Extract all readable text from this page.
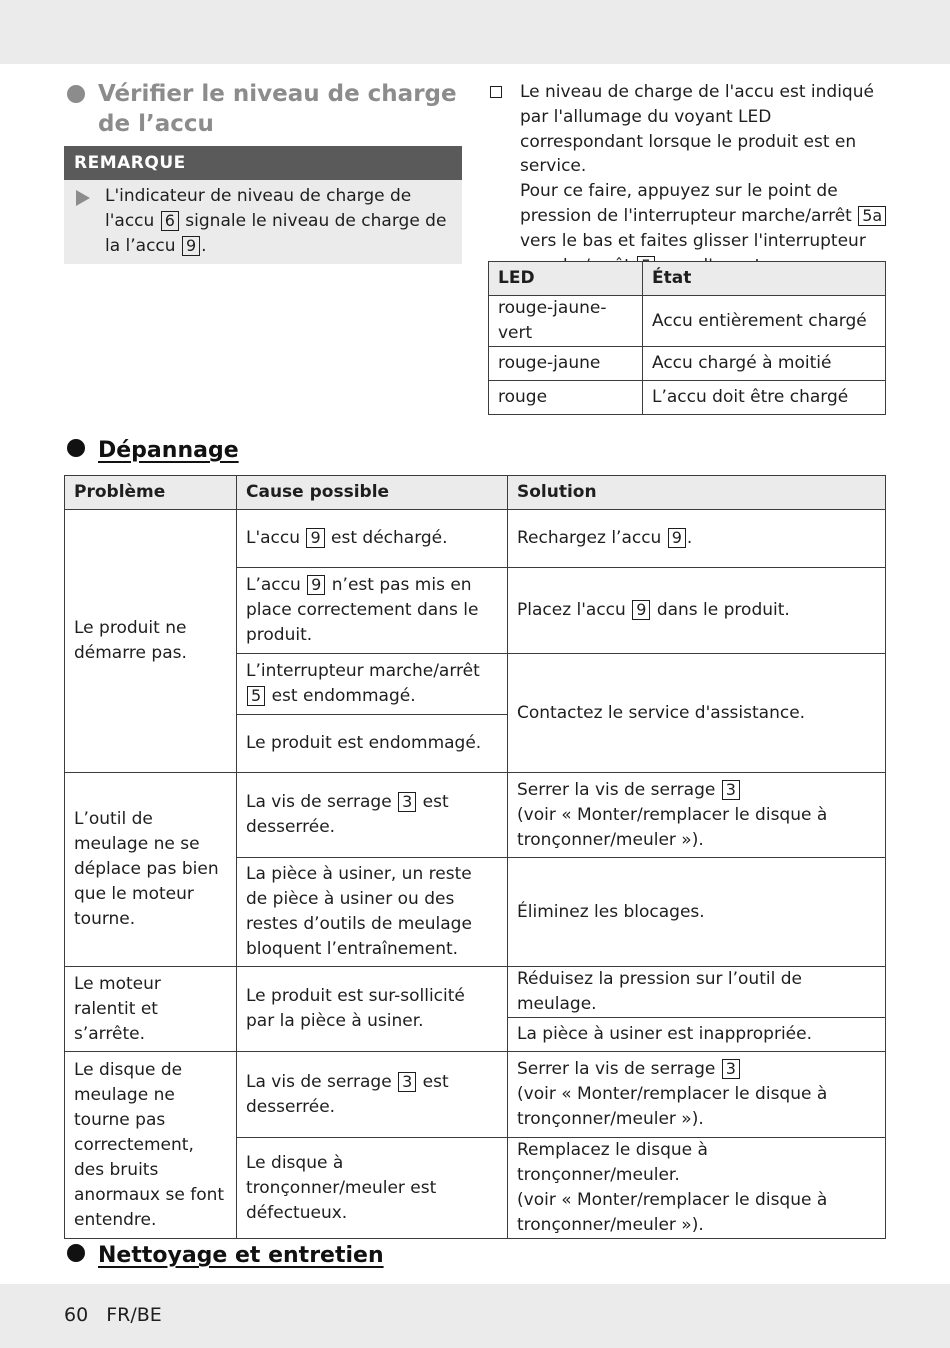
Vérifier le niveau de charge de l’accu
REMARQUE
L'indicateur de niveau de charge de l'accu 6 signale le niveau de charge de la l’accu 9 .
Le niveau de charge de l'accu est indiqué par l'allumage du voyant LED correspondant lorsque le produit est en service.
Pour ce faire, appuyez sur le point de pression de l'interrupteur marche/arrêt 5a vers le bas et faites glisser l'interrupteur
LED	État
rouge-jaune-vert	Accu entièrement chargé
rouge-jaune	Accu chargé à moitié
rouge	L’accu doit être chargé
Dépannage
Problème	Cause possible	Solution
Le produit ne démarre pas.	L'accu 9 est déchargé.	Rechargez l’accu 9 .
	L’accu 9 n’est pas mis en place correctement dans le produit.	Placez l'accu 9 dans le produit.
	L’interrupteur marche/arrêt 5 est endommagé.	Contactez le service d'assistance.
	Le produit est endommagé.	
L’outil de meulage ne se déplace pas bien que le moteur tourne.	La vis de serrage 3 est desserrée.	Serrer la vis de serrage 3
(voir « Monter/remplacer le disque à tronçonner/meuler »).
	La pièce à usiner, un reste de pièce à usiner ou des restes d’outils de meulage bloquent l’entraînement.	Éliminez les blocages.
Le moteur ralentit et s’arrête.	Le produit est sur-sollicité par la pièce à usiner.	Réduisez la pression sur l’outil de meulage.
		La pièce à usiner est inappropriée.
Le disque de meulage ne tourne pas correctement, des bruits anormaux se font entendre.	La vis de serrage 3 est desserrée.	Serrer la vis de serrage 3
(voir « Monter/remplacer le disque à tronçonner/meuler »).
	Le disque à tronçonner/meuler est défectueux.	Remplacez le disque à tronçonner/meuler.
(voir « Monter/remplacer le disque à tronçonner/meuler »).
Nettoyage et entretien
60 FR/BE
